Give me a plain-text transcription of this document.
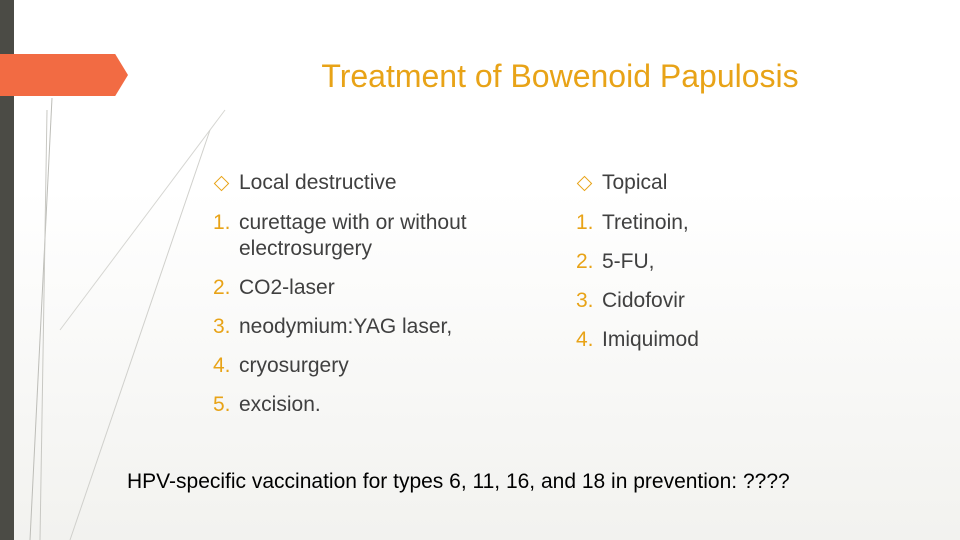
Treatment of Bowenoid Papulosis
Local destructive
1. curettage with or without electrosurgery
2. CO2-laser
3. neodymium:YAG laser,
4. cryosurgery
5. excision.
Topical
1. Tretinoin,
2. 5-FU,
3. Cidofovir
4. Imiquimod
HPV-specific vaccination for types 6, 11, 16, and 18 in prevention: ????
